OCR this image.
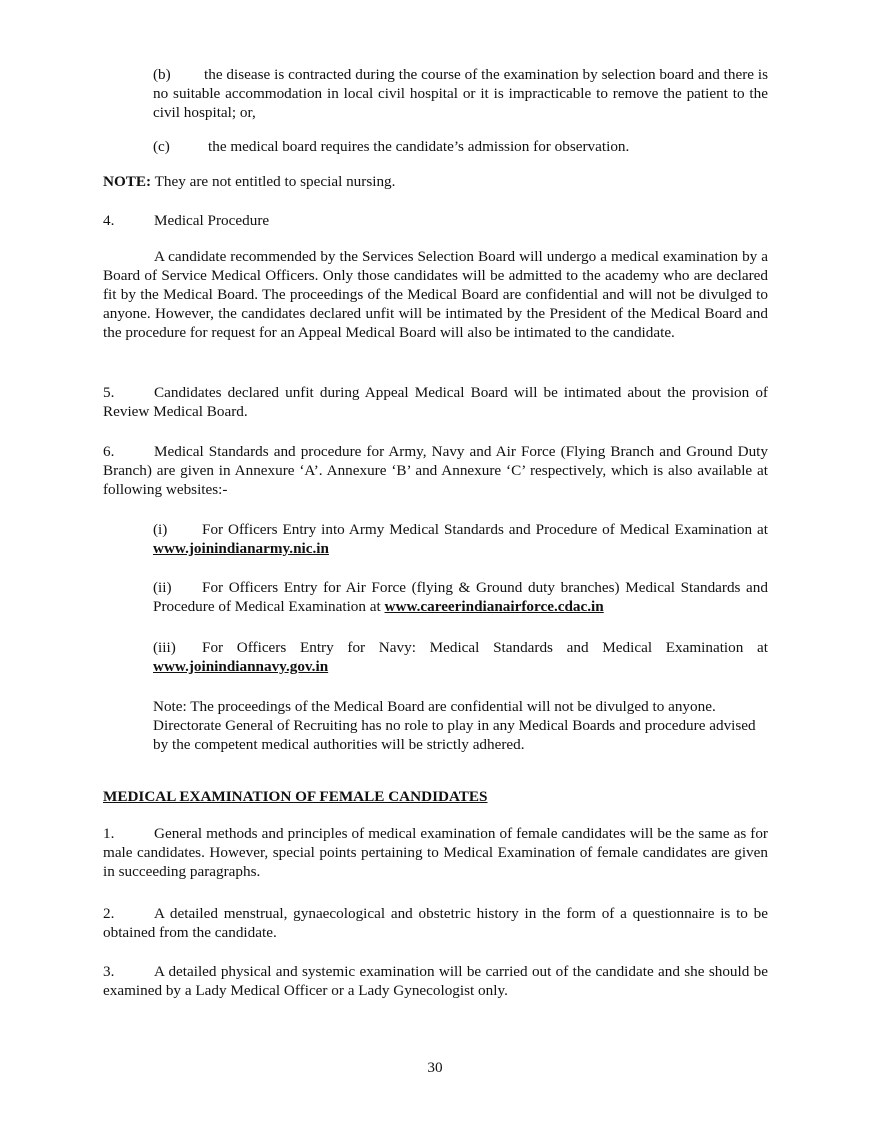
(b) the disease is contracted during the course of the examination by selection board and there is no suitable accommodation in local civil hospital or it is impracticable to remove the patient to the civil hospital; or,

(c)	the medical board requires the candidate’s admission for observation.

NOTE: They are not entitled to special nursing.

4.	Medical Procedure

A candidate recommended by the Services Selection Board will undergo a medical examination by a Board of Service Medical Officers. Only those candidates will be admitted to the academy who are declared fit by the Medical Board. The proceedings of the Medical Board are confidential and will not be divulged to anyone. However, the candidates declared unfit will be intimated by the President of the Medical Board and the procedure for request for an Appeal Medical Board will also be intimated to the candidate.

5.	Candidates declared unfit during Appeal Medical Board will be intimated about the provision of Review Medical Board.

6.	Medical Standards and procedure for Army, Navy and Air Force (Flying Branch and Ground Duty Branch) are given in Annexure ‘A’. Annexure ‘B’ and Annexure ‘C’ respectively, which is also available at following websites:-

(i) For Officers Entry into Army Medical Standards and Procedure of Medical Examination at www.joinindianarmy.nic.in

(ii) For Officers Entry for Air Force (flying & Ground duty branches) Medical Standards and Procedure of Medical Examination at www.careerindianairforce.cdac.in

(iii) For Officers Entry for Navy: Medical Standards and Medical Examination at www.joinindiannavy.gov.in

Note: The proceedings of the Medical Board are confidential will not be divulged to anyone. Directorate General of Recruiting has no role to play in any Medical Boards and procedure advised by the competent medical authorities will be strictly adhered.

MEDICAL EXAMINATION OF FEMALE CANDIDATES

1.	General methods and principles of medical examination of female candidates will be the same as for male candidates. However, special points pertaining to Medical Examination of female candidates are given in succeeding paragraphs.

2.	A detailed menstrual, gynaecological and obstetric history in the form of a questionnaire is to be obtained from the candidate.

3.	A detailed physical and systemic examination will be carried out of the candidate and she should be examined by a Lady Medical Officer or a Lady Gynecologist only.

30
